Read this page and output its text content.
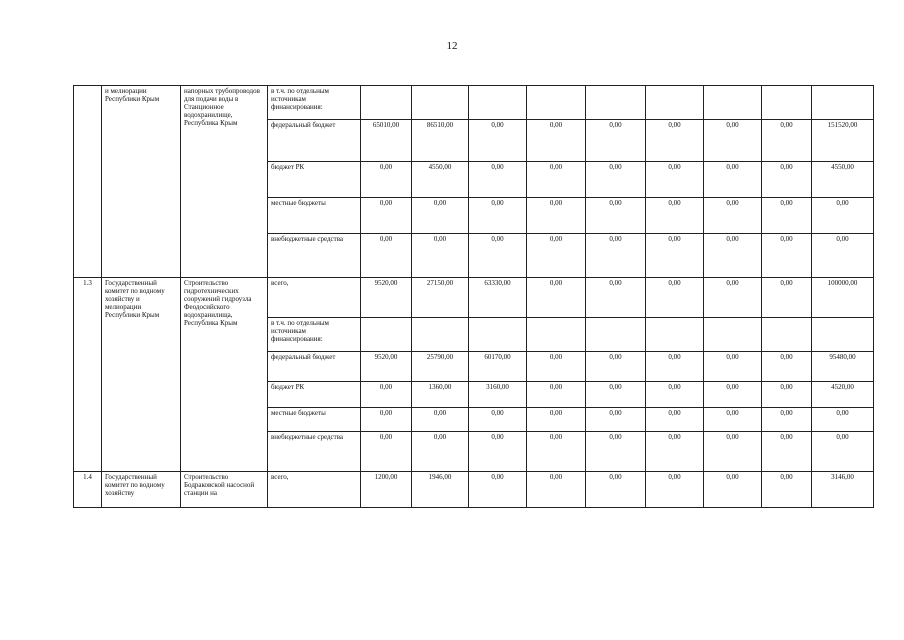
12
	и мелиорации Республики Крым	напорных трубопроводов для подачи воды в Станционное водохранилище, Республика Крым	в т.ч. по отдельным источникам финансирования:									
			федеральный бюджет	65010,00	86510,00	0,00	0,00	0,00	0,00	0,00	0,00	151520,00
			бюджет РК	0,00	4550,00	0,00	0,00	0,00	0,00	0,00	0,00	4550,00
			местные бюджеты	0,00	0,00	0,00	0,00	0,00	0,00	0,00	0,00	0,00
			внебюджетные средства	0,00	0,00	0,00	0,00	0,00	0,00	0,00	0,00	0,00
1.3	Государственный комитет по водному хозяйству и мелиорации Республики Крым	Строительство гидротехнических сооружений гидроузла Феодосийского водохранилища, Республика Крым	всего,	9520,00	27150,00	63330,00	0,00	0,00	0,00	0,00	0,00	100000,00
			в т.ч. по отдельным источникам финансирования:									
			федеральный бюджет	9520,00	25790,00	60170,00	0,00	0,00	0,00	0,00	0,00	95480,00
			бюджет РК	0,00	1360,00	3160,00	0,00	0,00	0,00	0,00	0,00	4520,00
			местные бюджеты	0,00	0,00	0,00	0,00	0,00	0,00	0,00	0,00	0,00
			внебюджетные средства	0,00	0,00	0,00	0,00	0,00	0,00	0,00	0,00	0,00
1.4	Государственный комитет по водному хозяйству	Строительство Бодраковской насосной станции на	всего,	1200,00	1946,00	0,00	0,00	0,00	0,00	0,00	0,00	3146,00
